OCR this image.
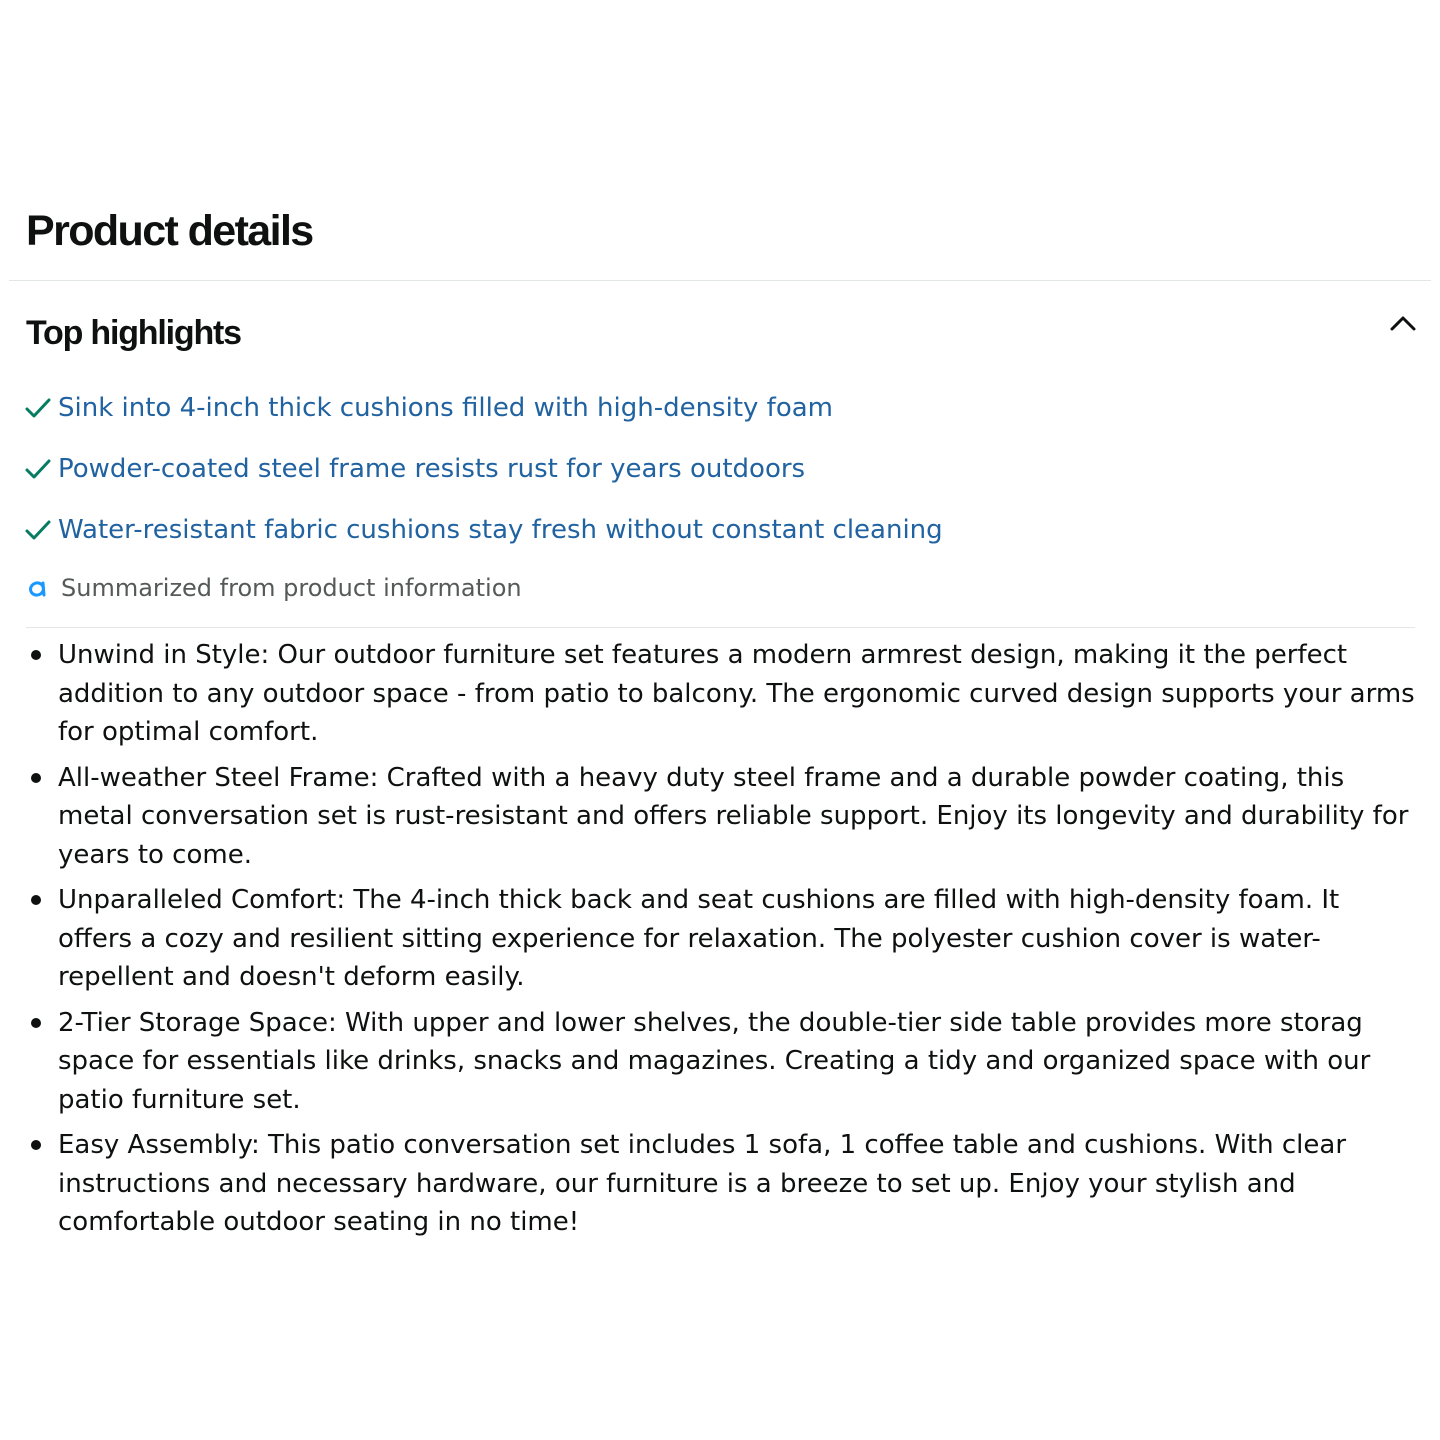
Product details
Top highlights
Sink into 4-inch thick cushions filled with high-density foam
Powder-coated steel frame resists rust for years outdoors
Water-resistant fabric cushions stay fresh without constant cleaning
Summarized from product information
Unwind in Style: Our outdoor furniture set features a modern armrest design, making it the perfect addition to any outdoor space - from patio to balcony. The ergonomic curved design supports your arms for optimal comfort.
All-weather Steel Frame: Crafted with a heavy duty steel frame and a durable powder coating, this metal conversation set is rust-resistant and offers reliable support. Enjoy its longevity and durability for years to come.
Unparalleled Comfort: The 4-inch thick back and seat cushions are filled with high-density foam. It offers a cozy and resilient sitting experience for relaxation. The polyester cushion cover is water-repellent and doesn't deform easily.
2-Tier Storage Space: With upper and lower shelves, the double-tier side table provides more storag space for essentials like drinks, snacks and magazines. Creating a tidy and organized space with our patio furniture set.
Easy Assembly: This patio conversation set includes 1 sofa, 1 coffee table and cushions. With clear instructions and necessary hardware, our furniture is a breeze to set up. Enjoy your stylish and comfortable outdoor seating in no time!
